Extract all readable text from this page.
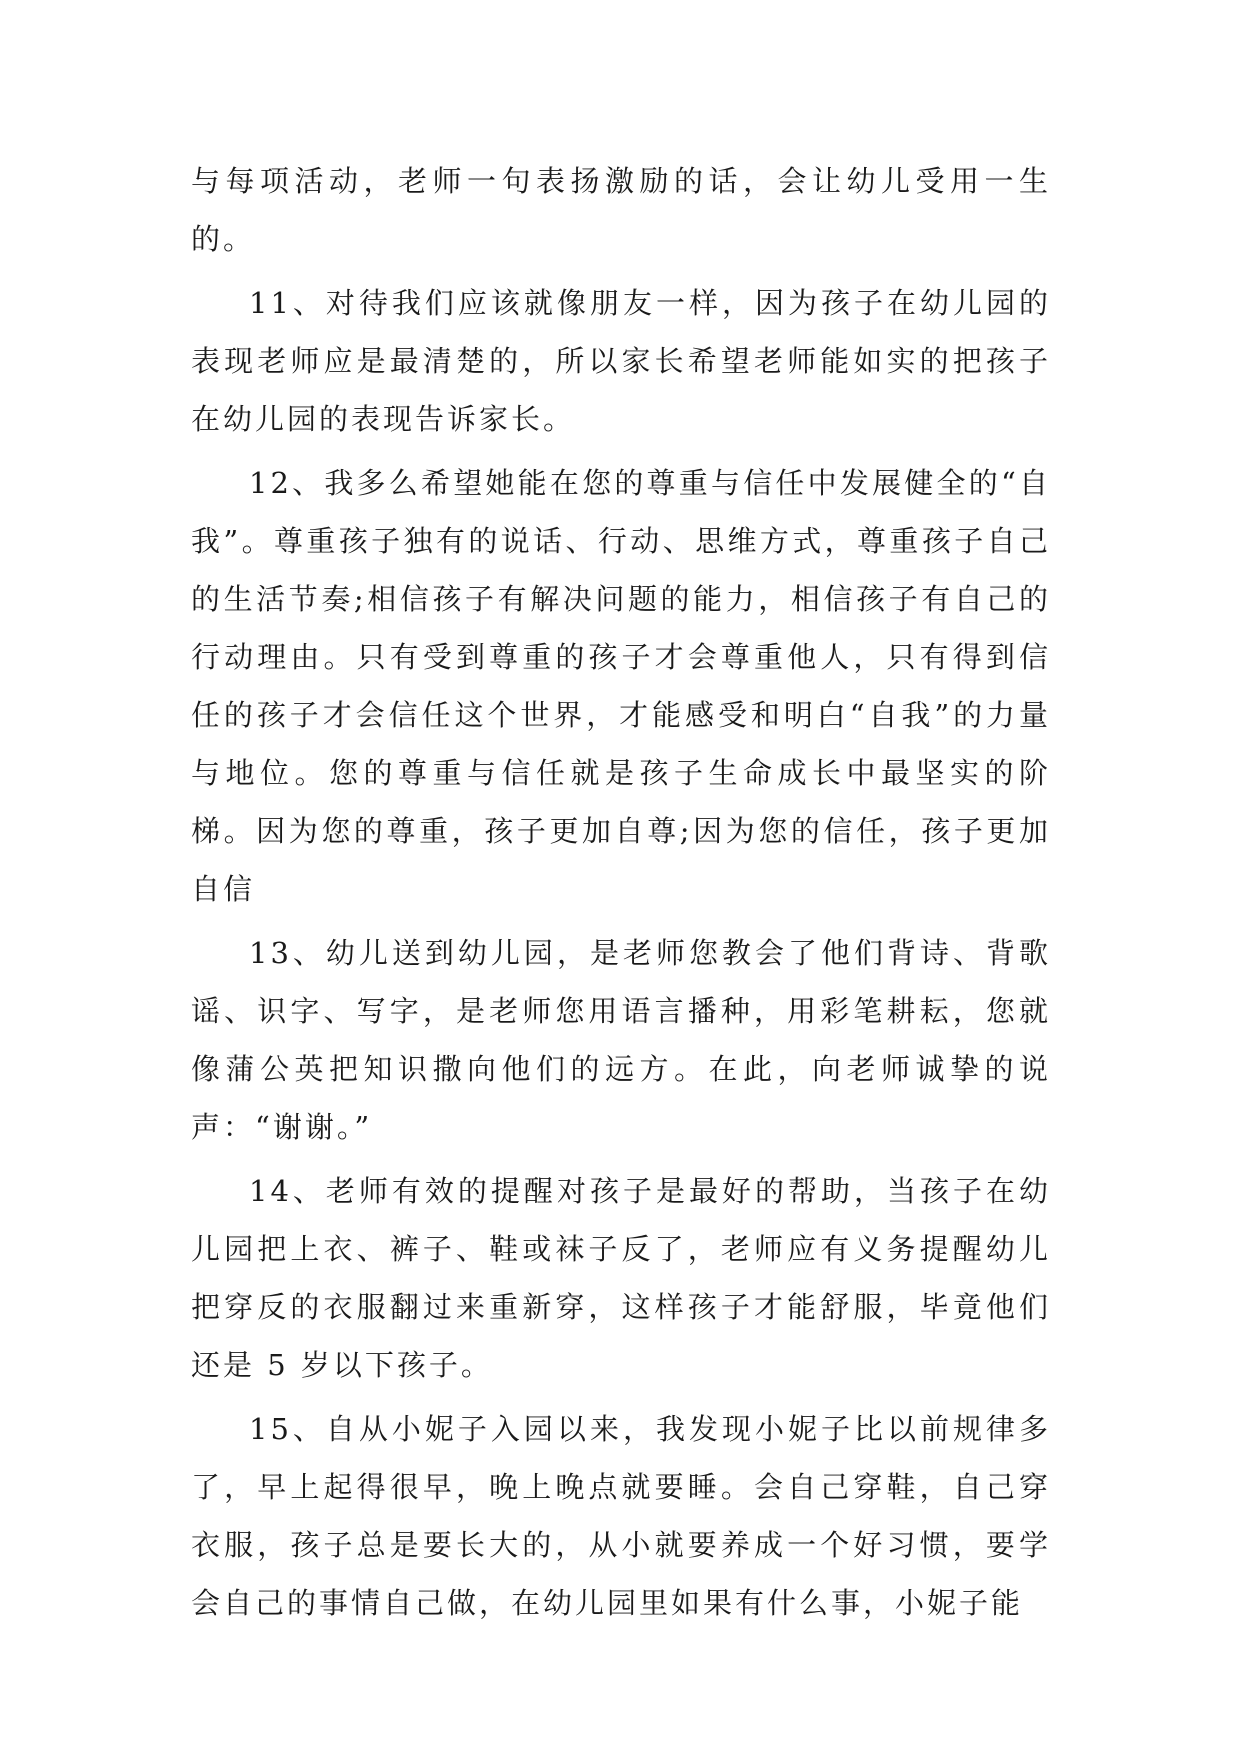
与每项活动，老师一句表扬激励的话，会让幼儿受用一生的。

11、对待我们应该就像朋友一样，因为孩子在幼儿园的表现老师应是最清楚的，所以家长希望老师能如实的把孩子在幼儿园的表现告诉家长。

12、我多么希望她能在您的尊重与信任中发展健全的“自我”。尊重孩子独有的说话、行动、思维方式，尊重孩子自己的生活节奏;相信孩子有解决问题的能力，相信孩子有自己的行动理由。只有受到尊重的孩子才会尊重他人，只有得到信任的孩子才会信任这个世界，才能感受和明白“自我”的力量与地位。您的尊重与信任就是孩子生命成长中最坚实的阶梯。因为您的尊重，孩子更加自尊;因为您的信任，孩子更加自信

13、幼儿送到幼儿园，是老师您教会了他们背诗、背歌谣、识字、写字，是老师您用语言播种，用彩笔耕耘，您就像蒲公英把知识撒向他们的远方。在此，向老师诚挚的说声：“谢谢。”

14、老师有效的提醒对孩子是最好的帮助，当孩子在幼儿园把上衣、裤子、鞋或袜子反了，老师应有义务提醒幼儿把穿反的衣服翻过来重新穿，这样孩子才能舒服，毕竟他们还是 5 岁以下孩子。

15、自从小妮子入园以来，我发现小妮子比以前规律多了，早上起得很早，晚上晚点就要睡。会自己穿鞋，自己穿衣服，孩子总是要长大的，从小就要养成一个好习惯，要学会自己的事情自己做，在幼儿园里如果有什么事，小妮子能
